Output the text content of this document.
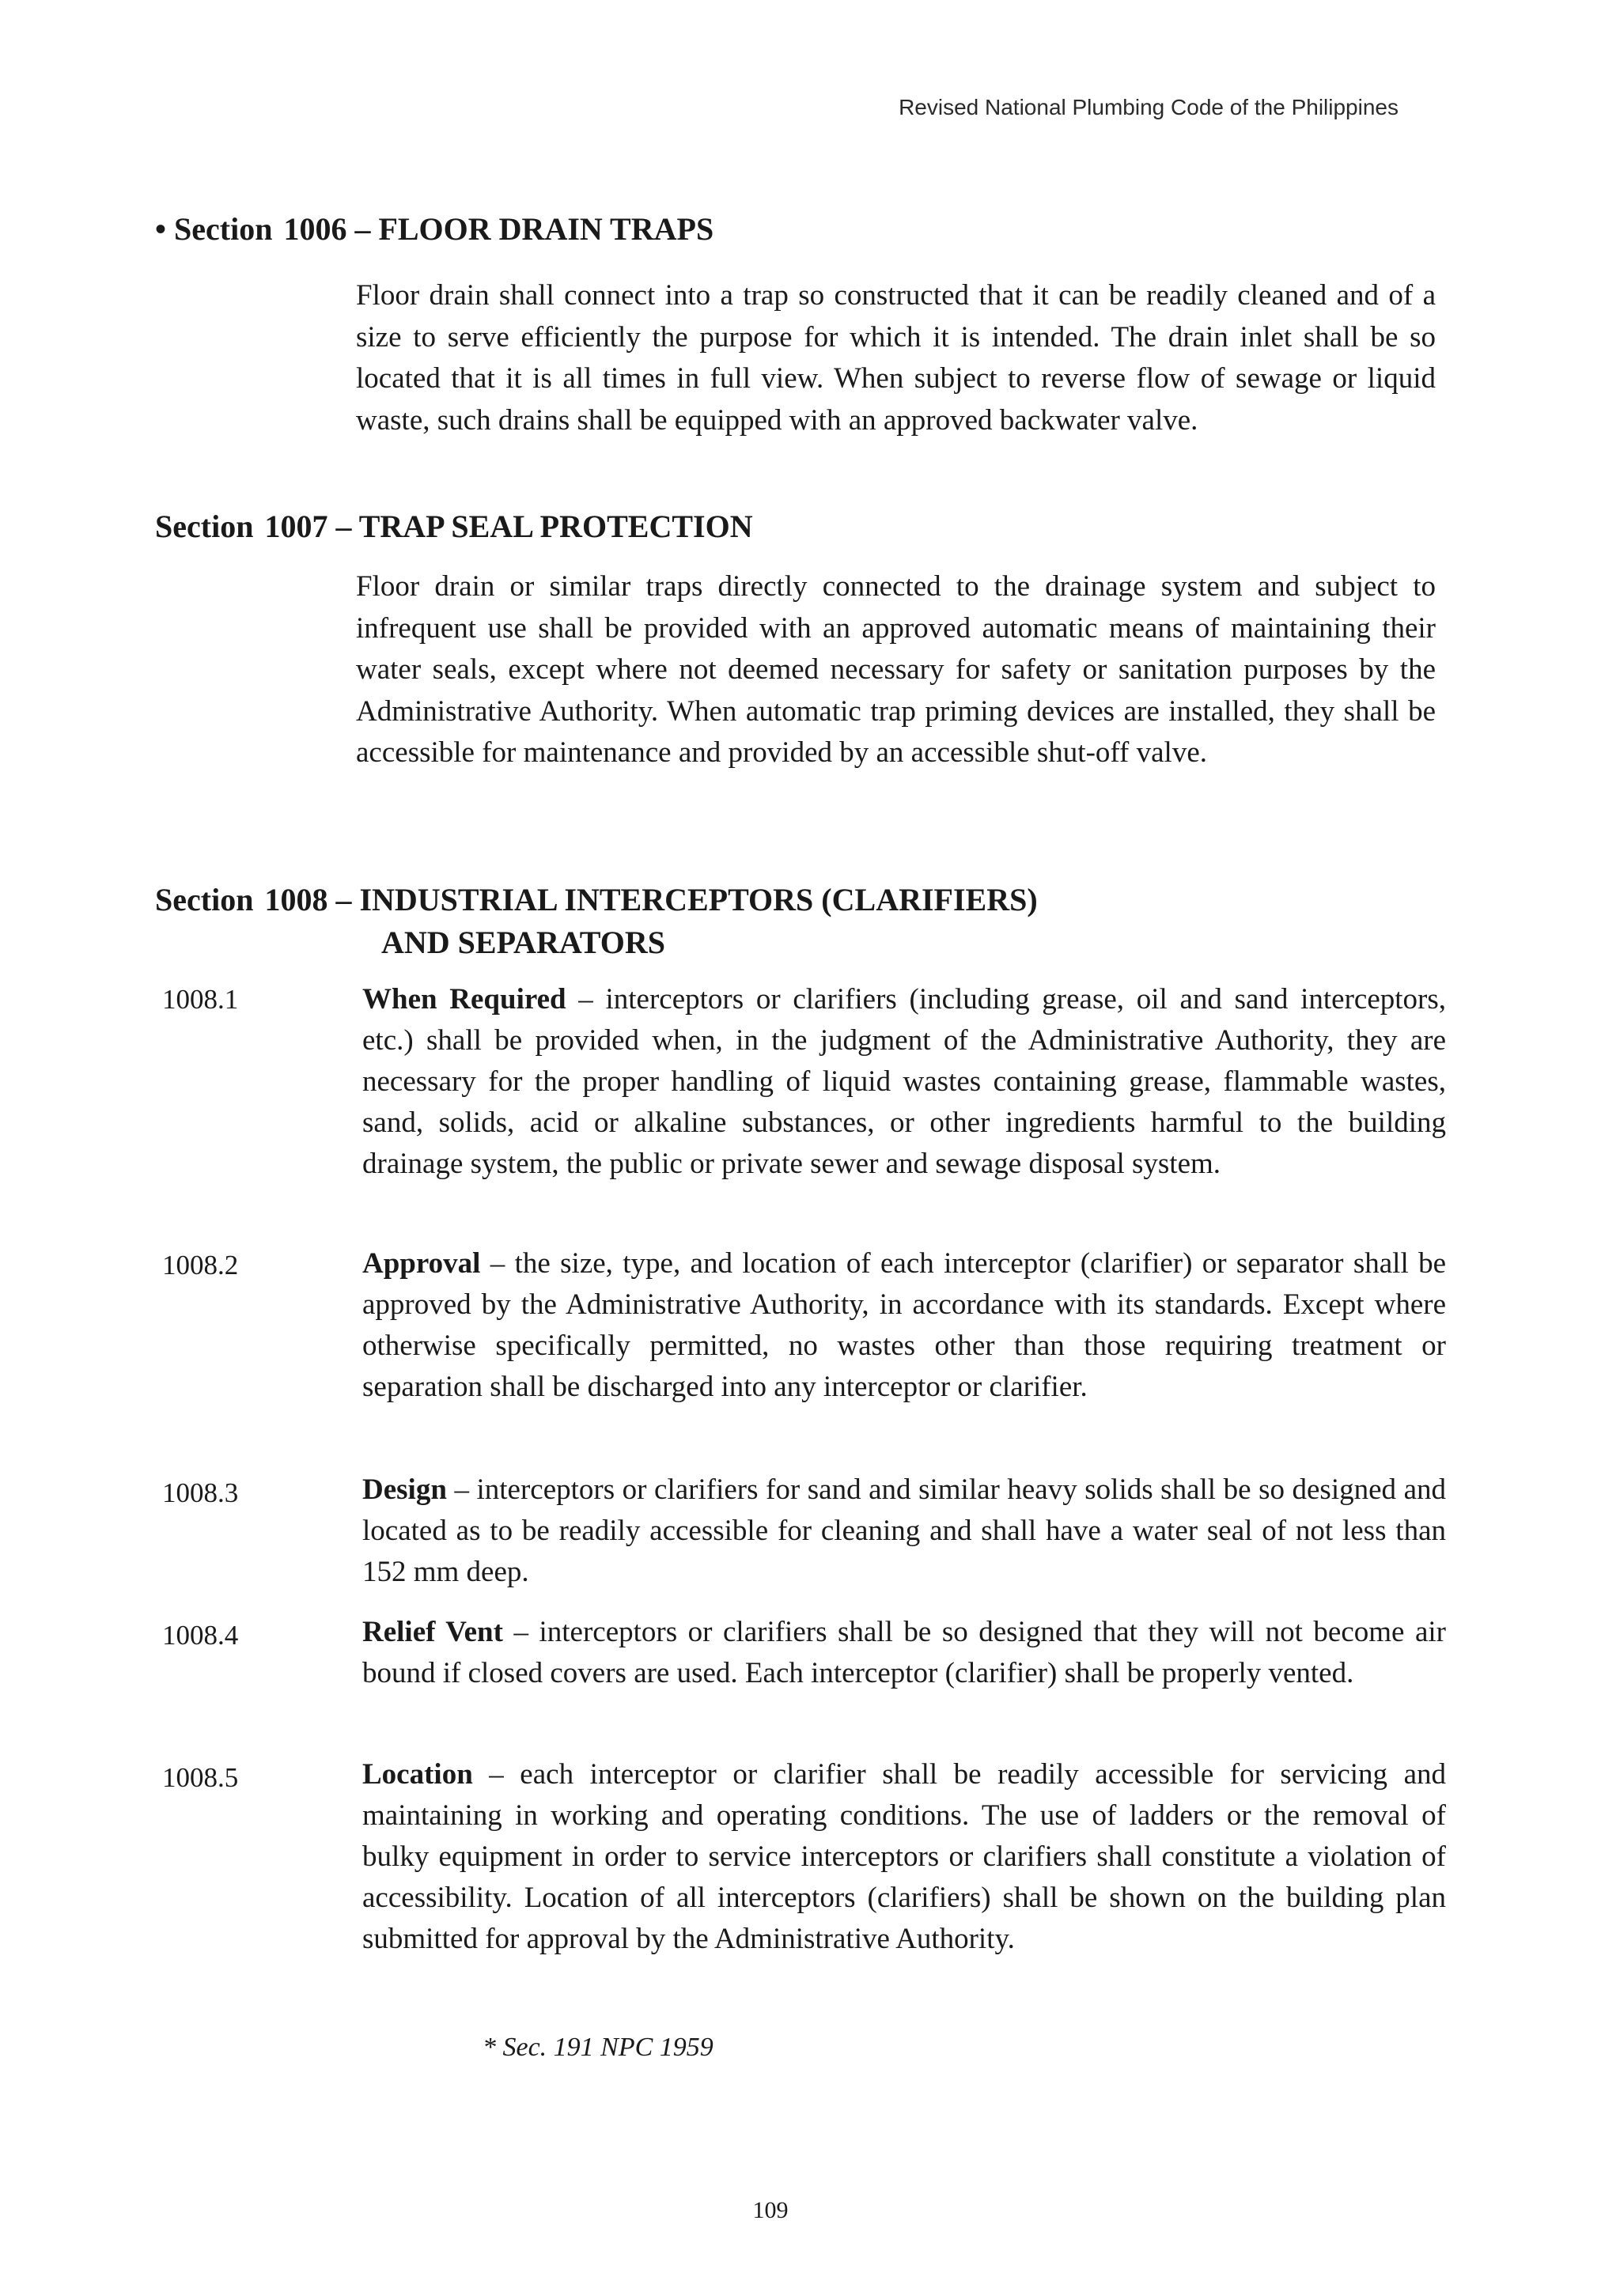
Revised National Plumbing Code of the Philippines
• Section 1006 – FLOOR DRAIN TRAPS
Floor drain shall connect into a trap so constructed that it can be readily cleaned and of a size to serve efficiently the purpose for which it is intended. The drain inlet shall be so located that it is all times in full view. When subject to reverse flow of sewage or liquid waste, such drains shall be equipped with an approved backwater valve.
Section 1007 – TRAP SEAL PROTECTION
Floor drain or similar traps directly connected to the drainage system and subject to infrequent use shall be provided with an approved automatic means of maintaining their water seals, except where not deemed necessary for safety or sanitation purposes by the Administrative Authority. When automatic trap priming devices are installed, they shall be accessible for maintenance and provided by an accessible shut-off valve.
Section 1008 – INDUSTRIAL INTERCEPTORS (CLARIFIERS)
AND SEPARATORS
1008.1	When Required – interceptors or clarifiers (including grease, oil and sand interceptors, etc.) shall be provided when, in the judgment of the Administrative Authority, they are necessary for the proper handling of liquid wastes containing grease, flammable wastes, sand, solids, acid or alkaline substances, or other ingredients harmful to the building drainage system, the public or private sewer and sewage disposal system.
1008.2	Approval – the size, type, and location of each interceptor (clarifier) or separator shall be approved by the Administrative Authority, in accordance with its standards. Except where otherwise specifically permitted, no wastes other than those requiring treatment or separation shall be discharged into any interceptor or clarifier.
1008.3	Design – interceptors or clarifiers for sand and similar heavy solids shall be so designed and located as to be readily accessible for cleaning and shall have a water seal of not less than 152 mm deep.
1008.4	Relief Vent – interceptors or clarifiers shall be so designed that they will not become air bound if closed covers are used. Each interceptor (clarifier) shall be properly vented.
1008.5	Location – each interceptor or clarifier shall be readily accessible for servicing and maintaining in working and operating conditions. The use of ladders or the removal of bulky equipment in order to service interceptors or clarifiers shall constitute a violation of accessibility. Location of all interceptors (clarifiers) shall be shown on the building plan submitted for approval by the Administrative Authority.
* Sec. 191 NPC 1959
109
